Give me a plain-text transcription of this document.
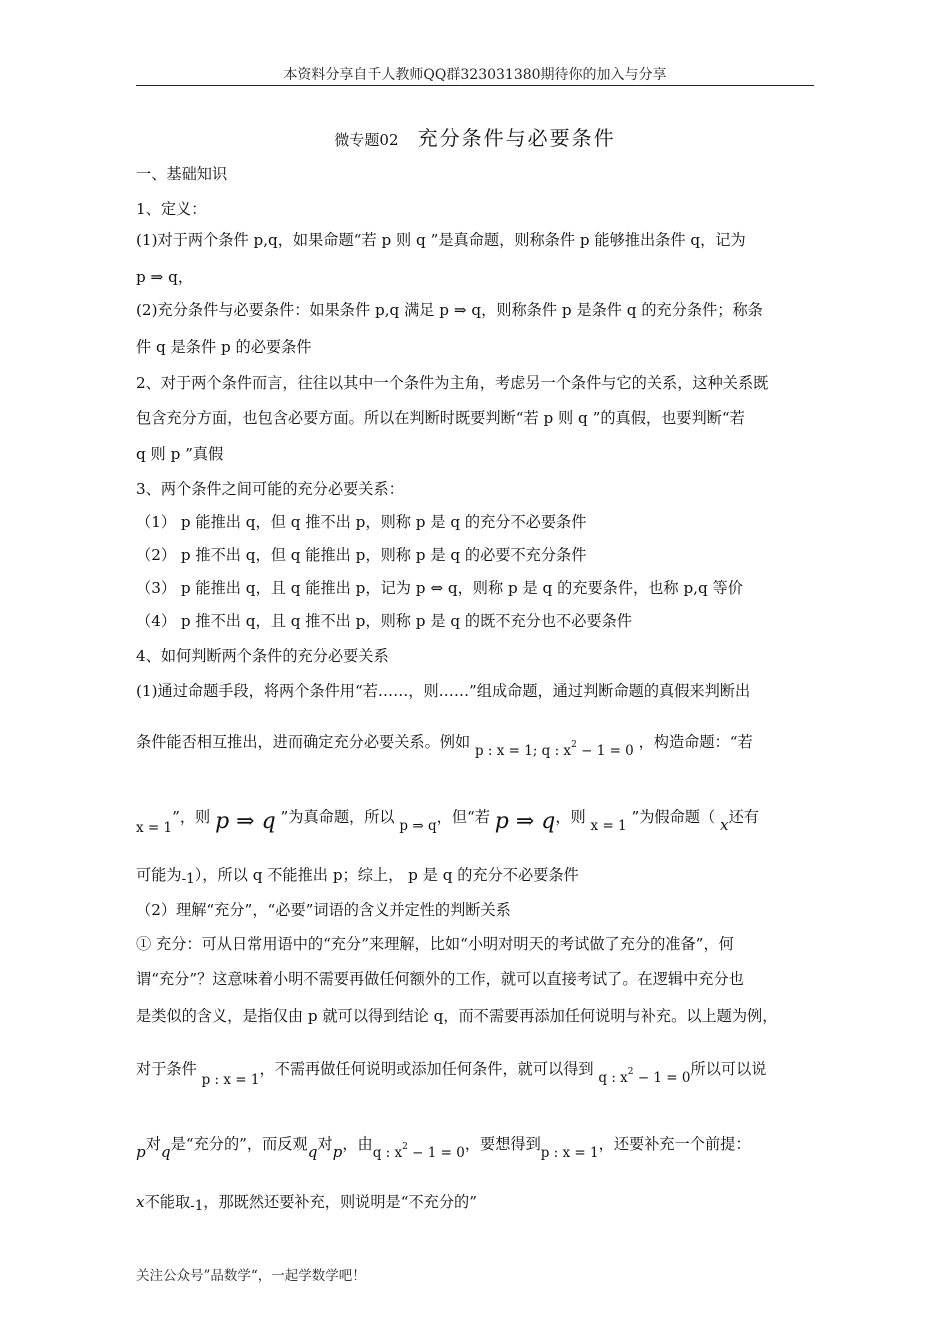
本资料分享自千人教师QQ群323031380期待你的加入与分享
微专题02 充分条件与必要条件
一、基础知识
1、定义：
(1)对于两个条件 p,q，如果命题“若 p 则 q ”是真命题，则称条件 p 能够推出条件 q，记为
p ⇒ q，
(2)充分条件与必要条件：如果条件 p,q 满足 p ⇒ q，则称条件 p 是条件 q 的充分条件；称条
件 q 是条件 p 的必要条件
2、对于两个条件而言，往往以其中一个条件为主角，考虑另一个条件与它的关系，这种关系既
包含充分方面，也包含必要方面。所以在判断时既要判断“若 p 则 q ”的真假，也要判断“若
q 则 p ”真假
3、两个条件之间可能的充分必要关系：
（1） p 能推出 q，但 q 推不出 p，则称 p 是 q 的充分不必要条件
（2） p 推不出 q，但 q 能推出 p，则称 p 是 q 的必要不充分条件
（3） p 能推出 q，且 q 能推出 p，记为 p ⇔ q，则称 p 是 q 的充要条件，也称 p,q 等价
（4） p 推不出 q，且 q 推不出 p，则称 p 是 q 的既不充分也不必要条件
4、如何判断两个条件的充分必要关系
(1)通过命题手段，将两个条件用“若……，则……”组成命题，通过判断命题的真假来判断出
条件能否相互推出，进而确定充分必要关系。例如 p : x = 1; q : $x^2 - 1 = 0$ ，构造命题：“若
x = 1”，则 p ⇒ q ”为真命题，所以 p ⇒ q，但“若 p ⇒ q，则 x = 1 ”为假命题（ x还有
可能为-1），所以 q 不能推出 p；综上， p 是 q 的充分不必要条件
（2）理解“充分”，“必要”词语的含义并定性的判断关系
① 充分：可从日常用语中的“充分”来理解，比如“小明对明天的考试做了充分的准备”，何
谓“充分”？这意味着小明不需要再做任何额外的工作，就可以直接考试了。在逻辑中充分也
是类似的含义，是指仅由 p 就可以得到结论 q，而不需要再添加任何说明与补充。以上题为例，
对于条件 p : x = 1，不需再做任何说明或添加任何条件，就可以得到 q : $x^2 - 1 = 0$所以可以说
p对q是“充分的”，而反观q对p，由q : $x^2 - 1 = 0$，要想得到p : x = 1，还要补充一个前提：
x不能取-1，那既然还要补充，则说明是“不充分的”
关注公众号”品数学“，一起学数学吧！
